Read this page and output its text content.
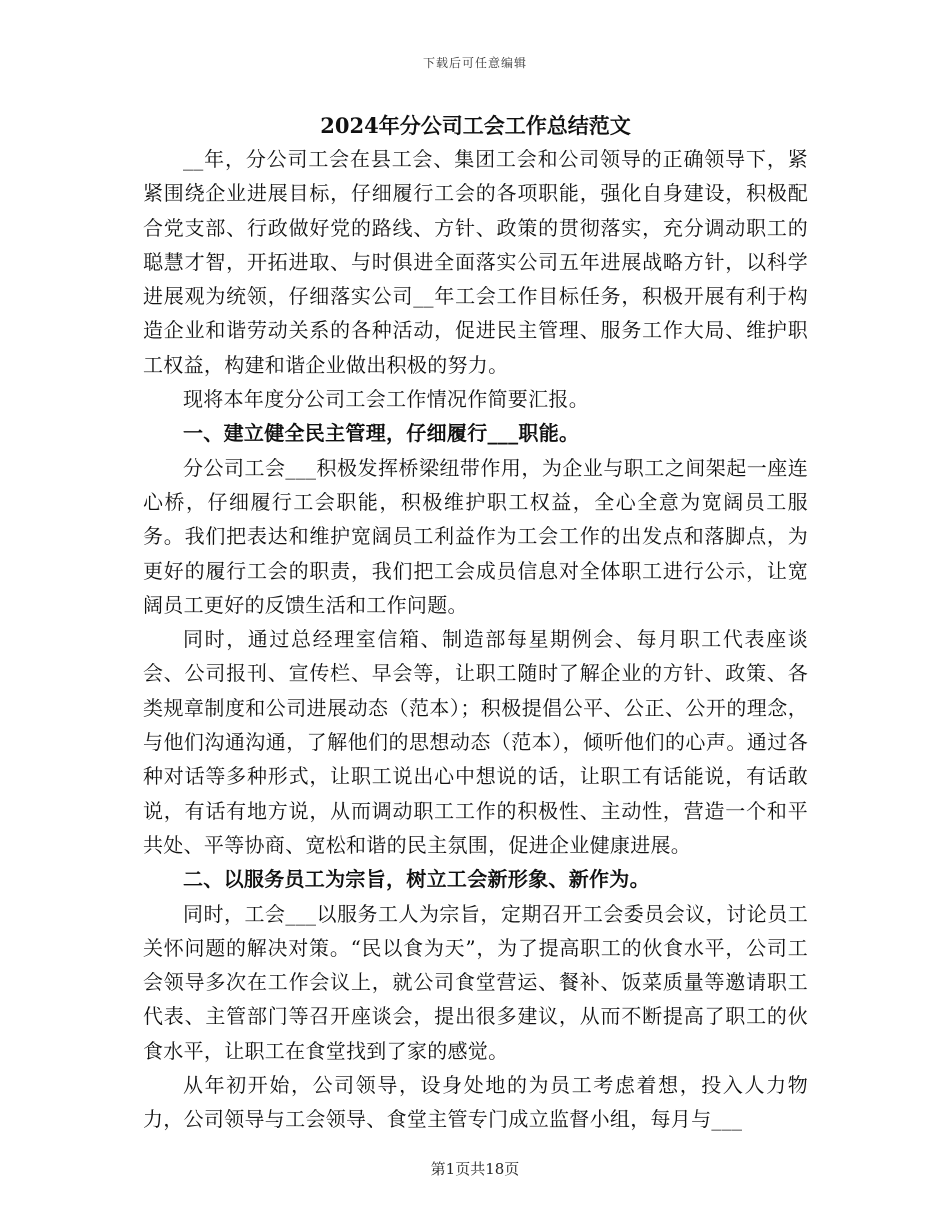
下载后可任意编辑
2024年分公司工会工作总结范文

__年，分公司工会在县工会、集团工会和公司领导的正确领导下，紧紧围绕企业进展目标，仔细履行工会的各项职能，强化自身建设，积极配合党支部、行政做好党的路线、方针、政策的贯彻落实，充分调动职工的聪慧才智，开拓进取、与时俱进全面落实公司五年进展战略方针，以科学进展观为统领，仔细落实公司__年工会工作目标任务，积极开展有利于构造企业和谐劳动关系的各种活动，促进民主管理、服务工作大局、维护职工权益，构建和谐企业做出积极的努力。

现将本年度分公司工会工作情况作简要汇报。

一、建立健全民主管理，仔细履行___职能。

分公司工会___积极发挥桥梁纽带作用，为企业与职工之间架起一座连心桥，仔细履行工会职能，积极维护职工权益，全心全意为宽阔员工服务。我们把表达和维护宽阔员工利益作为工会工作的出发点和落脚点，为更好的履行工会的职责，我们把工会成员信息对全体职工进行公示，让宽阔员工更好的反馈生活和工作问题。

同时，通过总经理室信箱、制造部每星期例会、每月职工代表座谈会、公司报刊、宣传栏、早会等，让职工随时了解企业的方针、政策、各类规章制度和公司进展动态（范本）；积极提倡公平、公正、公开的理念，与他们沟通沟通，了解他们的思想动态（范本），倾听他们的心声。通过各种对话等多种形式，让职工说出心中想说的话，让职工有话能说，有话敢说，有话有地方说，从而调动职工工作的积极性、主动性，营造一个和平共处、平等协商、宽松和谐的民主氛围，促进企业健康进展。

二、以服务员工为宗旨，树立工会新形象、新作为。

同时，工会___以服务工人为宗旨，定期召开工会委员会议，讨论员工关怀问题的解决对策。“民以食为天”，为了提高职工的伙食水平，公司工会领导多次在工作会议上，就公司食堂营运、餐补、饭菜质量等邀请职工代表、主管部门等召开座谈会，提出很多建议，从而不断提高了职工的伙食水平，让职工在食堂找到了家的感觉。

从年初开始，公司领导，设身处地的为员工考虑着想，投入人力物力，公司领导与工会领导、食堂主管专门成立监督小组，每月与___

第1页共18页
